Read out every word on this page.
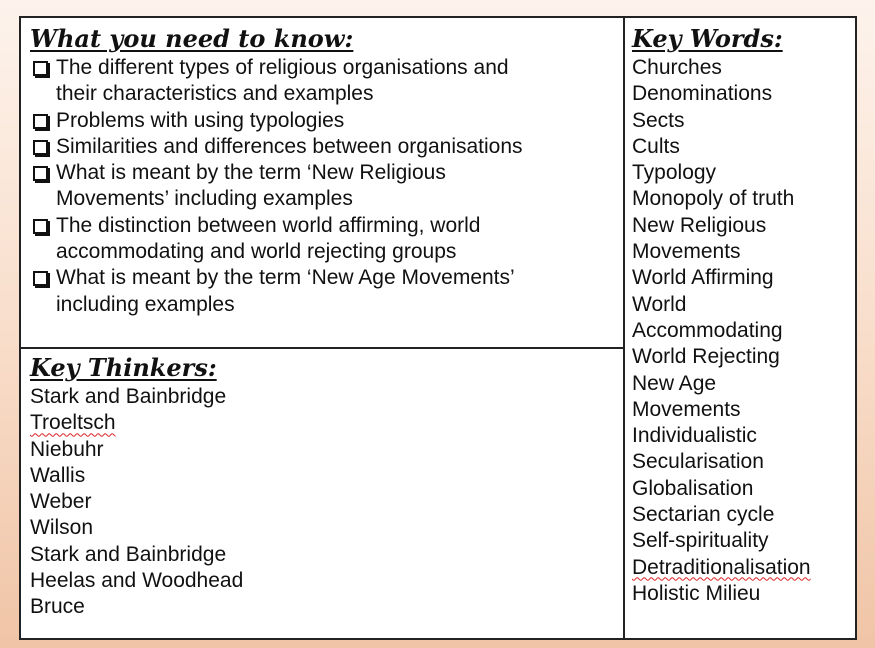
What you need to know:
The different types of religious organisations and
their characteristics and examples
Problems with using typologies
Similarities and differences between organisations
What is meant by the term ‘New Religious
Movements’ including examples
The distinction between world affirming, world
accommodating and world rejecting groups
What is meant by the term ‘New Age Movements’
including examples
Key Thinkers:
Stark and Bainbridge
Troeltsch
Niebuhr
Wallis
Weber
Wilson
Stark and Bainbridge
Heelas and Woodhead
Bruce
Key Words:
Churches
Denominations
Sects
Cults
Typology
Monopoly of truth
New Religious
Movements
World Affirming
World
Accommodating
World Rejecting
New Age
Movements
Individualistic
Secularisation
Globalisation
Sectarian cycle
Self-spirituality
Detraditionalisation
Holistic Milieu
